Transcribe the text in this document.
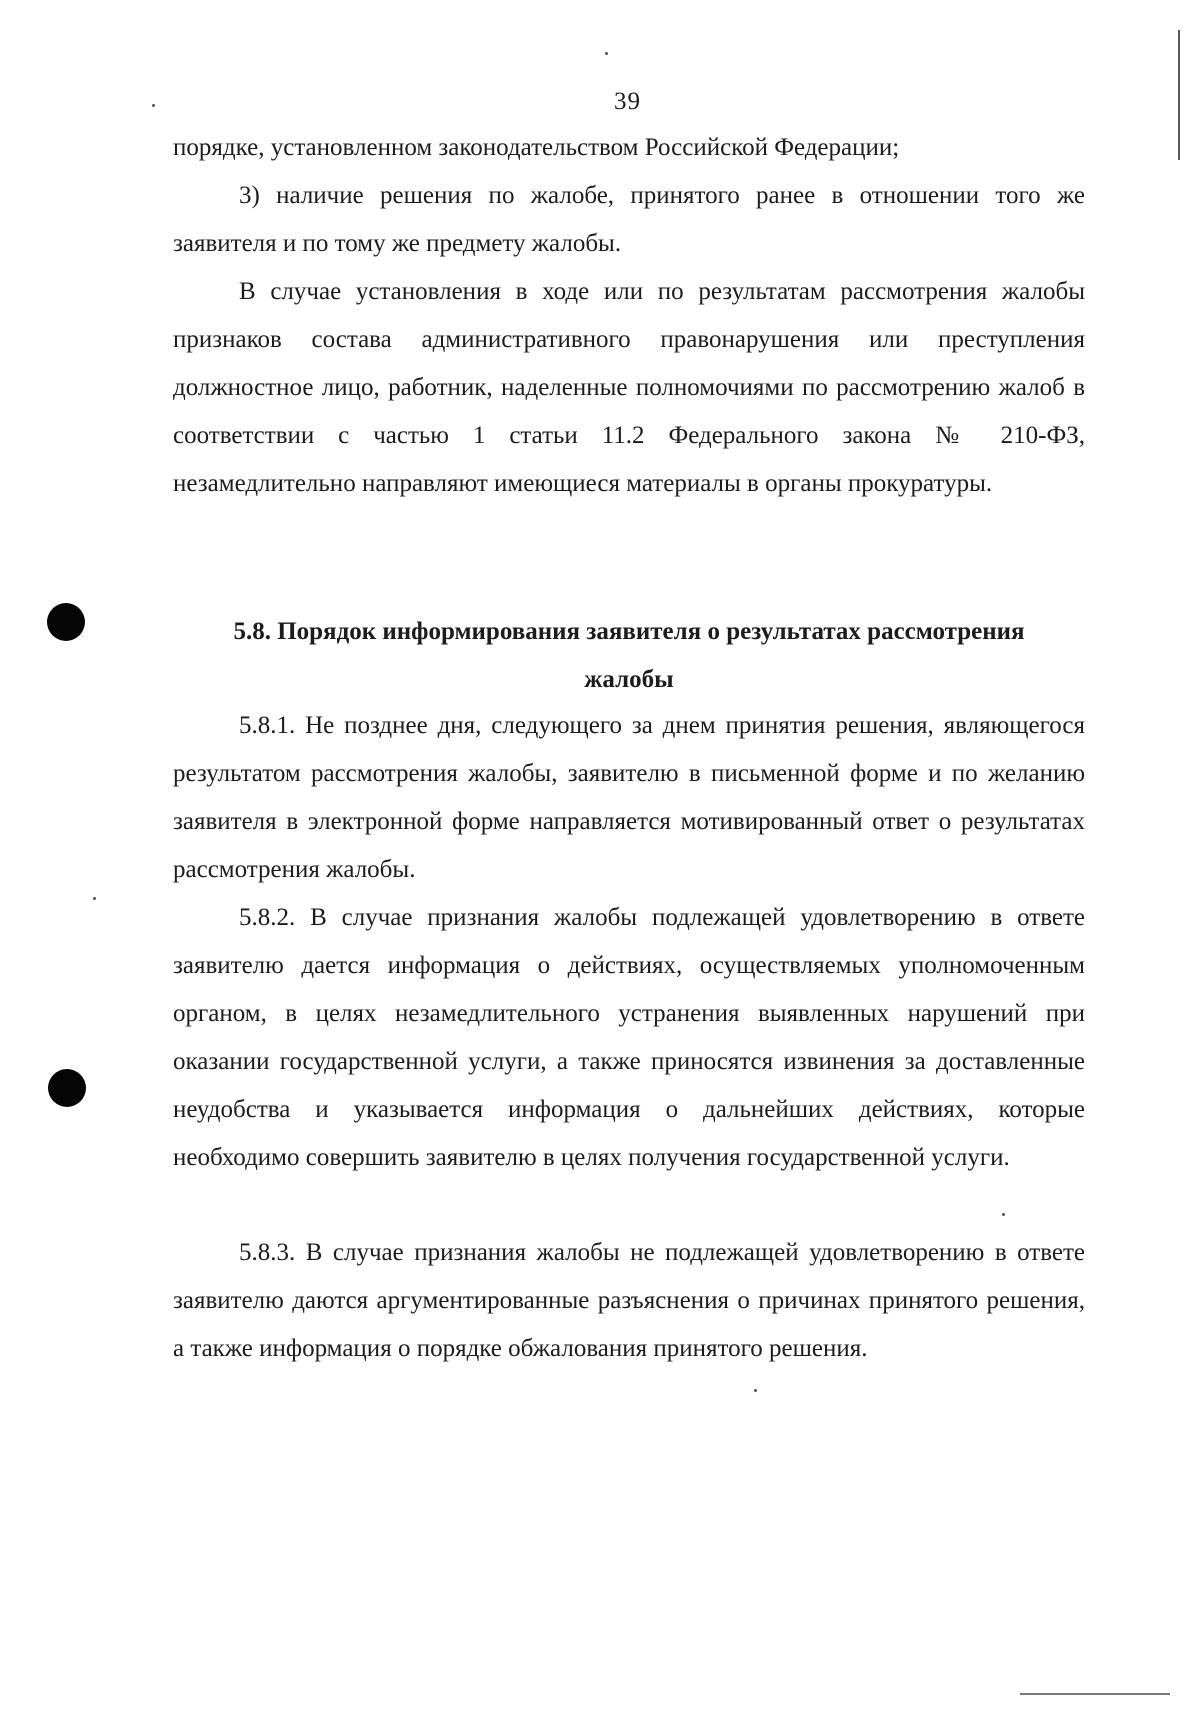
39

порядке, установленном законодательством Российской Федерации;

3) наличие решения по жалобе, принятого ранее в отношении того же заявителя и по тому же предмету жалобы.

В случае установления в ходе или по результатам рассмотрения жалобы признаков состава административного правонарушения или преступления должностное лицо, работник, наделенные полномочиями по рассмотрению жалоб в соответствии с частью 1 статьи 11.2 Федерального закона № 210-ФЗ, незамедлительно направляют имеющиеся материалы в органы прокуратуры.

5.8. Порядок информирования заявителя о результатах рассмотрения
жалобы

5.8.1. Не позднее дня, следующего за днем принятия решения, являющегося результатом рассмотрения жалобы, заявителю в письменной форме и по желанию заявителя в электронной форме направляется мотивированный ответ о результатах рассмотрения жалобы.

5.8.2. В случае признания жалобы подлежащей удовлетворению в ответе заявителю дается информация о действиях, осуществляемых уполномоченным органом, в целях незамедлительного устранения выявленных нарушений при оказании государственной услуги, а также приносятся извинения за доставленные неудобства и указывается информация о дальнейших действиях, которые необходимо совершить заявителю в целях получения государственной услуги.

5.8.3. В случае признания жалобы не подлежащей удовлетворению в ответе заявителю даются аргументированные разъяснения о причинах принятого решения, а также информация о порядке обжалования принятого решения.
